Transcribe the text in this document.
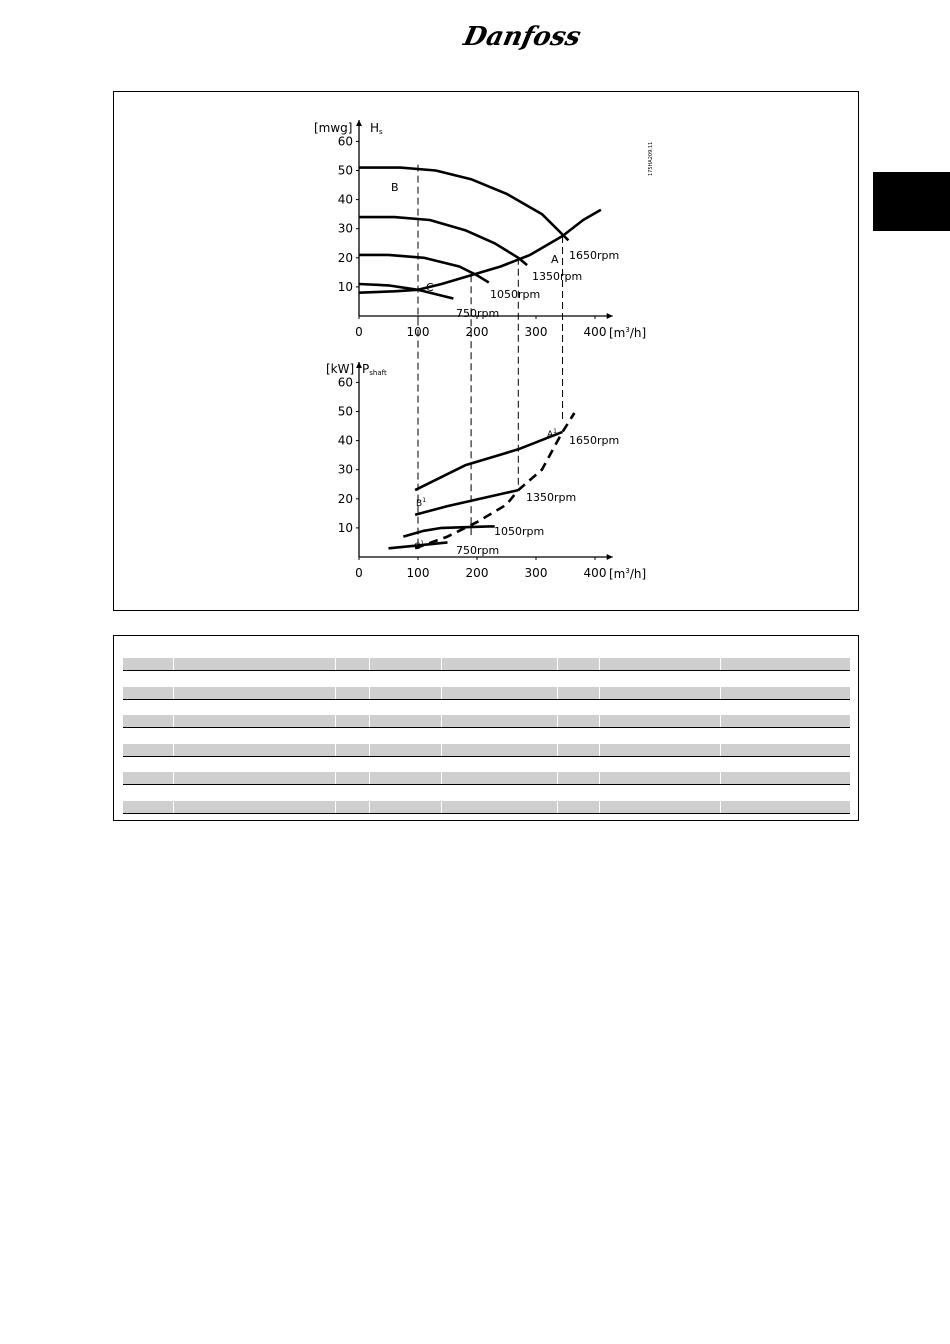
Danfoss
0	100	200	300	400
10
20
30
40
50
60
0	100	200	300	400
10
20
30
40
50
60
175HA209.11
[mwg] Hs
$[m^3/h]$
[kW] Pshaft
$[m^3/h]$
A
B
C
1650rpm
1350rpm
1050rpm
750rpm
$A^1$
$B^1$
$C^1$
1650rpm
1350rpm
1050rpm
750rpm
